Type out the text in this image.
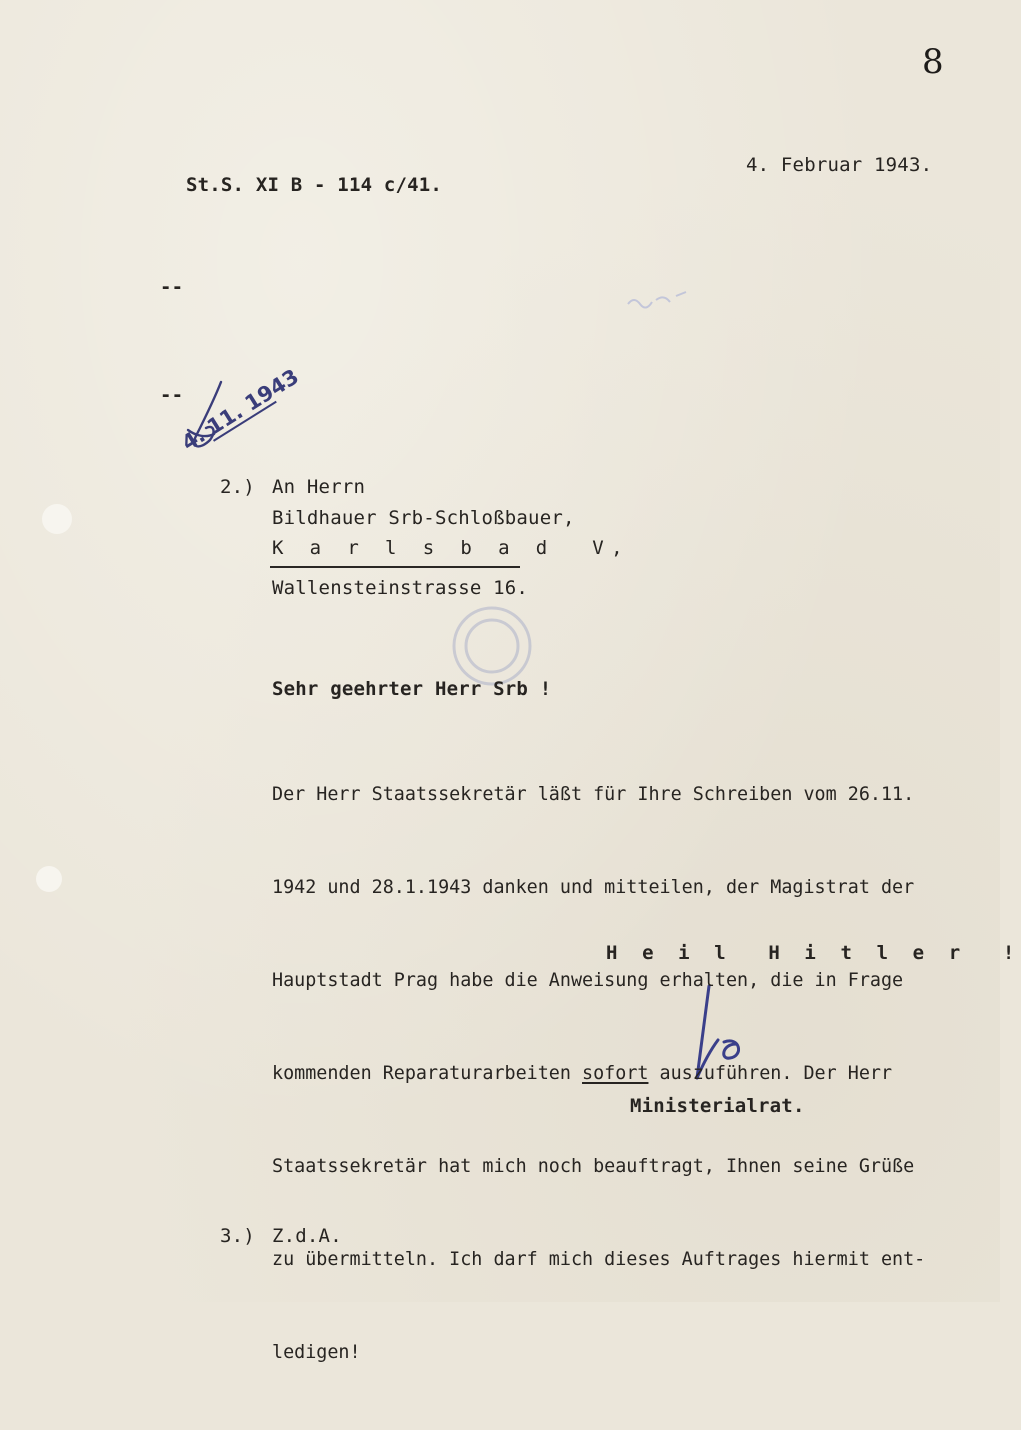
8
4. Februar 1943.
St.S. XI B - 114 c/41.
--
--

4. 11. 1943

2.) An Herrn
Bildhauer Srb-Schloßbauer,
K a r l s b a d  V,
Wallensteinstrasse 16.
Sehr geehrter Herr Srb !

Der Herr Staatssekretär läßt für Ihre Schreiben vom 26.11.

1942 und 28.1.1943 danken und mitteilen, der Magistrat der

Hauptstadt Prag habe die Anweisung erhalten, die in Frage

kommenden Reparaturarbeiten sofort auszuführen. Der Herr

Staatssekretär hat mich noch beauftragt, Ihnen seine Grüße

zu übermitteln. Ich darf mich dieses Auftrages hiermit ent-

ledigen!

H e i l  H i t l e r  !
Ministerialrat.
3.) Z.d.A.
